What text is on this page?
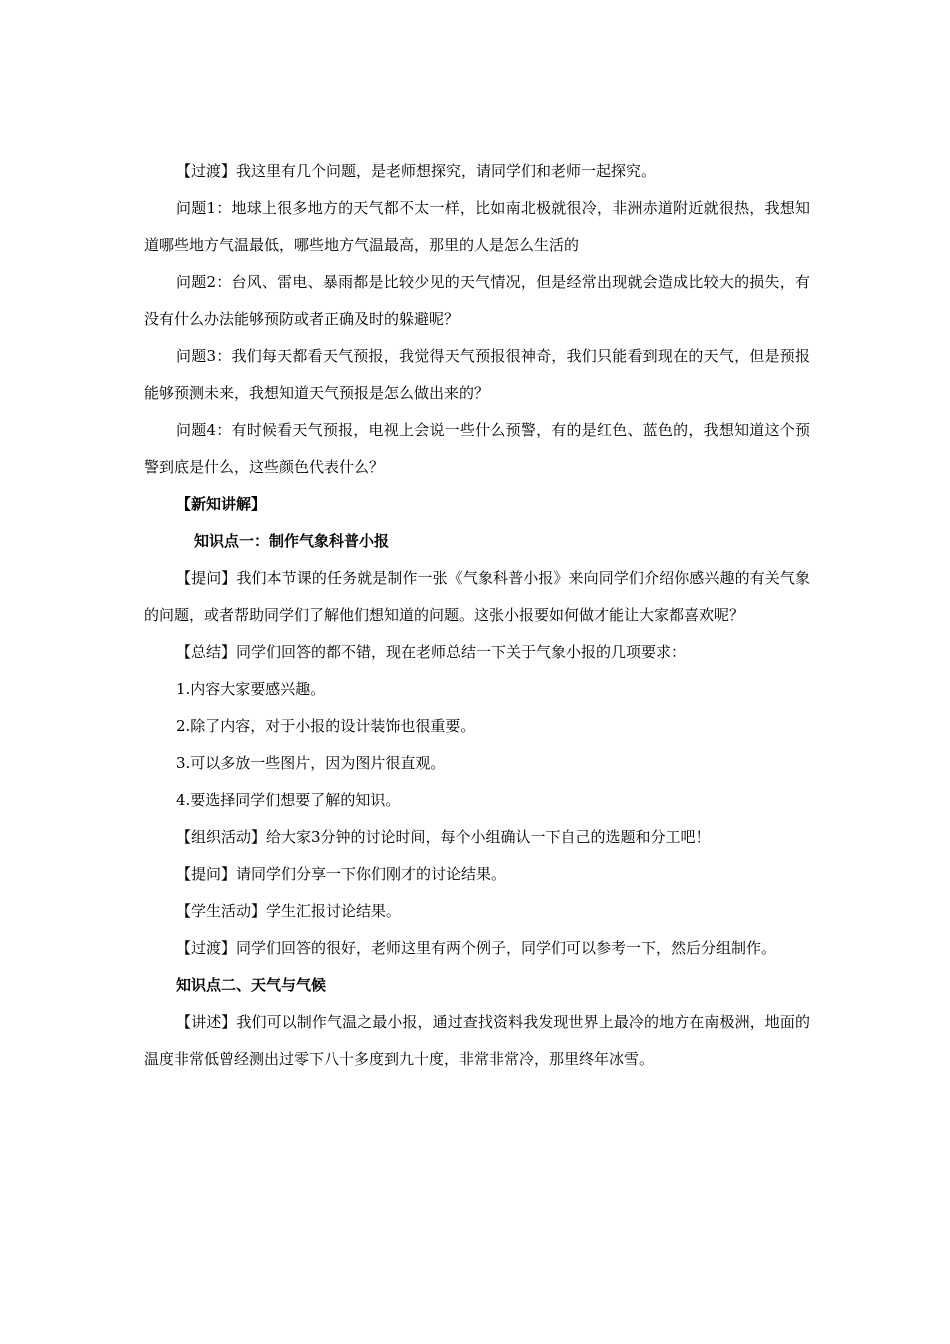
【过渡】我这里有几个问题，是老师想探究，请同学们和老师一起探究。

问题1：地球上很多地方的天气都不太一样，比如南北极就很冷，非洲赤道附近就很热，我想知道哪些地方气温最低，哪些地方气温最高，那里的人是怎么生活的

问题2：台风、雷电、暴雨都是比较少见的天气情况，但是经常出现就会造成比较大的损失，有没有什么办法能够预防或者正确及时的躲避呢？

问题3：我们每天都看天气预报，我觉得天气预报很神奇，我们只能看到现在的天气，但是预报能够预测未来，我想知道天气预报是怎么做出来的？

问题4：有时候看天气预报，电视上会说一些什么预警，有的是红色、蓝色的，我想知道这个预警到底是什么，这些颜色代表什么？

【新知讲解】

知识点一：制作气象科普小报

【提问】我们本节课的任务就是制作一张《气象科普小报》来向同学们介绍你感兴趣的有关气象的问题，或者帮助同学们了解他们想知道的问题。这张小报要如何做才能让大家都喜欢呢？

【总结】同学们回答的都不错，现在老师总结一下关于气象小报的几项要求：

1.内容大家要感兴趣。

2.除了内容，对于小报的设计装饰也很重要。

3.可以多放一些图片，因为图片很直观。

4.要选择同学们想要了解的知识。

【组织活动】给大家3分钟的讨论时间，每个小组确认一下自己的选题和分工吧！

【提问】请同学们分享一下你们刚才的讨论结果。

【学生活动】学生汇报讨论结果。

【过渡】同学们回答的很好，老师这里有两个例子，同学们可以参考一下，然后分组制作。

知识点二、天气与气候

【讲述】我们可以制作气温之最小报，通过查找资料我发现世界上最冷的地方在南极洲，地面的温度非常低曾经测出过零下八十多度到九十度，非常非常冷，那里终年冰雪。
